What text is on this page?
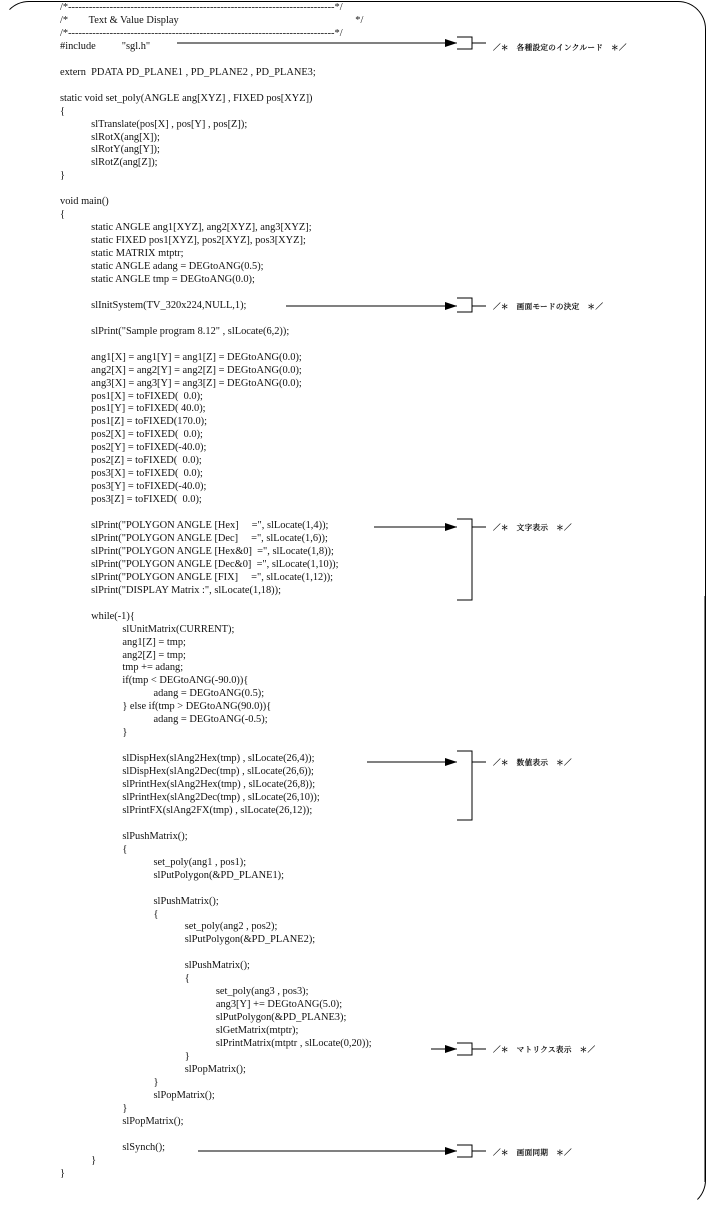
/*-----------------------------------------------------------------------------*/
/*        Text & Value Display                                                                    */
/*-----------------------------------------------------------------------------*/
#include          "sgl.h"
extern  PDATA PD_PLANE1 , PD_PLANE2 , PD_PLANE3;
static void set_poly(ANGLE ang[XYZ] , FIXED pos[XYZ])
{
slTranslate(pos[X] , pos[Y] , pos[Z]);
slRotX(ang[X]);
slRotY(ang[Y]);
slRotZ(ang[Z]);
}
void main()
{
static ANGLE ang1[XYZ], ang2[XYZ], ang3[XYZ];
static FIXED pos1[XYZ], pos2[XYZ], pos3[XYZ];
static MATRIX mtptr;
static ANGLE adang = DEGtoANG(0.5);
static ANGLE tmp = DEGtoANG(0.0);
slInitSystem(TV_320x224,NULL,1);
slPrint("Sample program 8.12" , slLocate(6,2));
ang1[X] = ang1[Y] = ang1[Z] = DEGtoANG(0.0);
ang2[X] = ang2[Y] = ang2[Z] = DEGtoANG(0.0);
ang3[X] = ang3[Y] = ang3[Z] = DEGtoANG(0.0);
pos1[X] = toFIXED(  0.0);
pos1[Y] = toFIXED( 40.0);
pos1[Z] = toFIXED(170.0);
pos2[X] = toFIXED(  0.0);
pos2[Y] = toFIXED(-40.0);
pos2[Z] = toFIXED(  0.0);
pos3[X] = toFIXED(  0.0);
pos3[Y] = toFIXED(-40.0);
pos3[Z] = toFIXED(  0.0);
slPrint("POLYGON ANGLE [Hex]     =", slLocate(1,4));
slPrint("POLYGON ANGLE [Dec]     =", slLocate(1,6));
slPrint("POLYGON ANGLE [Hex&0]  =", slLocate(1,8));
slPrint("POLYGON ANGLE [Dec&0]  =", slLocate(1,10));
slPrint("POLYGON ANGLE [FIX]     =", slLocate(1,12));
slPrint("DISPLAY Matrix :", slLocate(1,18));
while(-1){
slUnitMatrix(CURRENT);
ang1[Z] = tmp;
ang2[Z] = tmp;
tmp += adang;
if(tmp < DEGtoANG(-90.0)){
adang = DEGtoANG(0.5);
} else if(tmp > DEGtoANG(90.0)){
adang = DEGtoANG(-0.5);
}
slDispHex(slAng2Hex(tmp) , slLocate(26,4));
slDispHex(slAng2Dec(tmp) , slLocate(26,6));
slPrintHex(slAng2Hex(tmp) , slLocate(26,8));
slPrintHex(slAng2Dec(tmp) , slLocate(26,10));
slPrintFX(slAng2FX(tmp) , slLocate(26,12));
slPushMatrix();
{
set_poly(ang1 , pos1);
slPutPolygon(&PD_PLANE1);
slPushMatrix();
{
set_poly(ang2 , pos2);
slPutPolygon(&PD_PLANE2);
slPushMatrix();
{
set_poly(ang3 , pos3);
ang3[Y] += DEGtoANG(5.0);
slPutPolygon(&PD_PLANE3);
slGetMatrix(mtptr);
slPrintMatrix(mtptr , slLocate(0,20));
}
slPopMatrix();
}
slPopMatrix();
}
slPopMatrix();
slSynch();
}
}
／＊　各種設定のインクルード　＊／
／＊　画面モードの決定　＊／
／＊　文字表示　＊／
／＊　数値表示　＊／
／＊　マトリクス表示　＊／
／＊　画面同期　＊／
